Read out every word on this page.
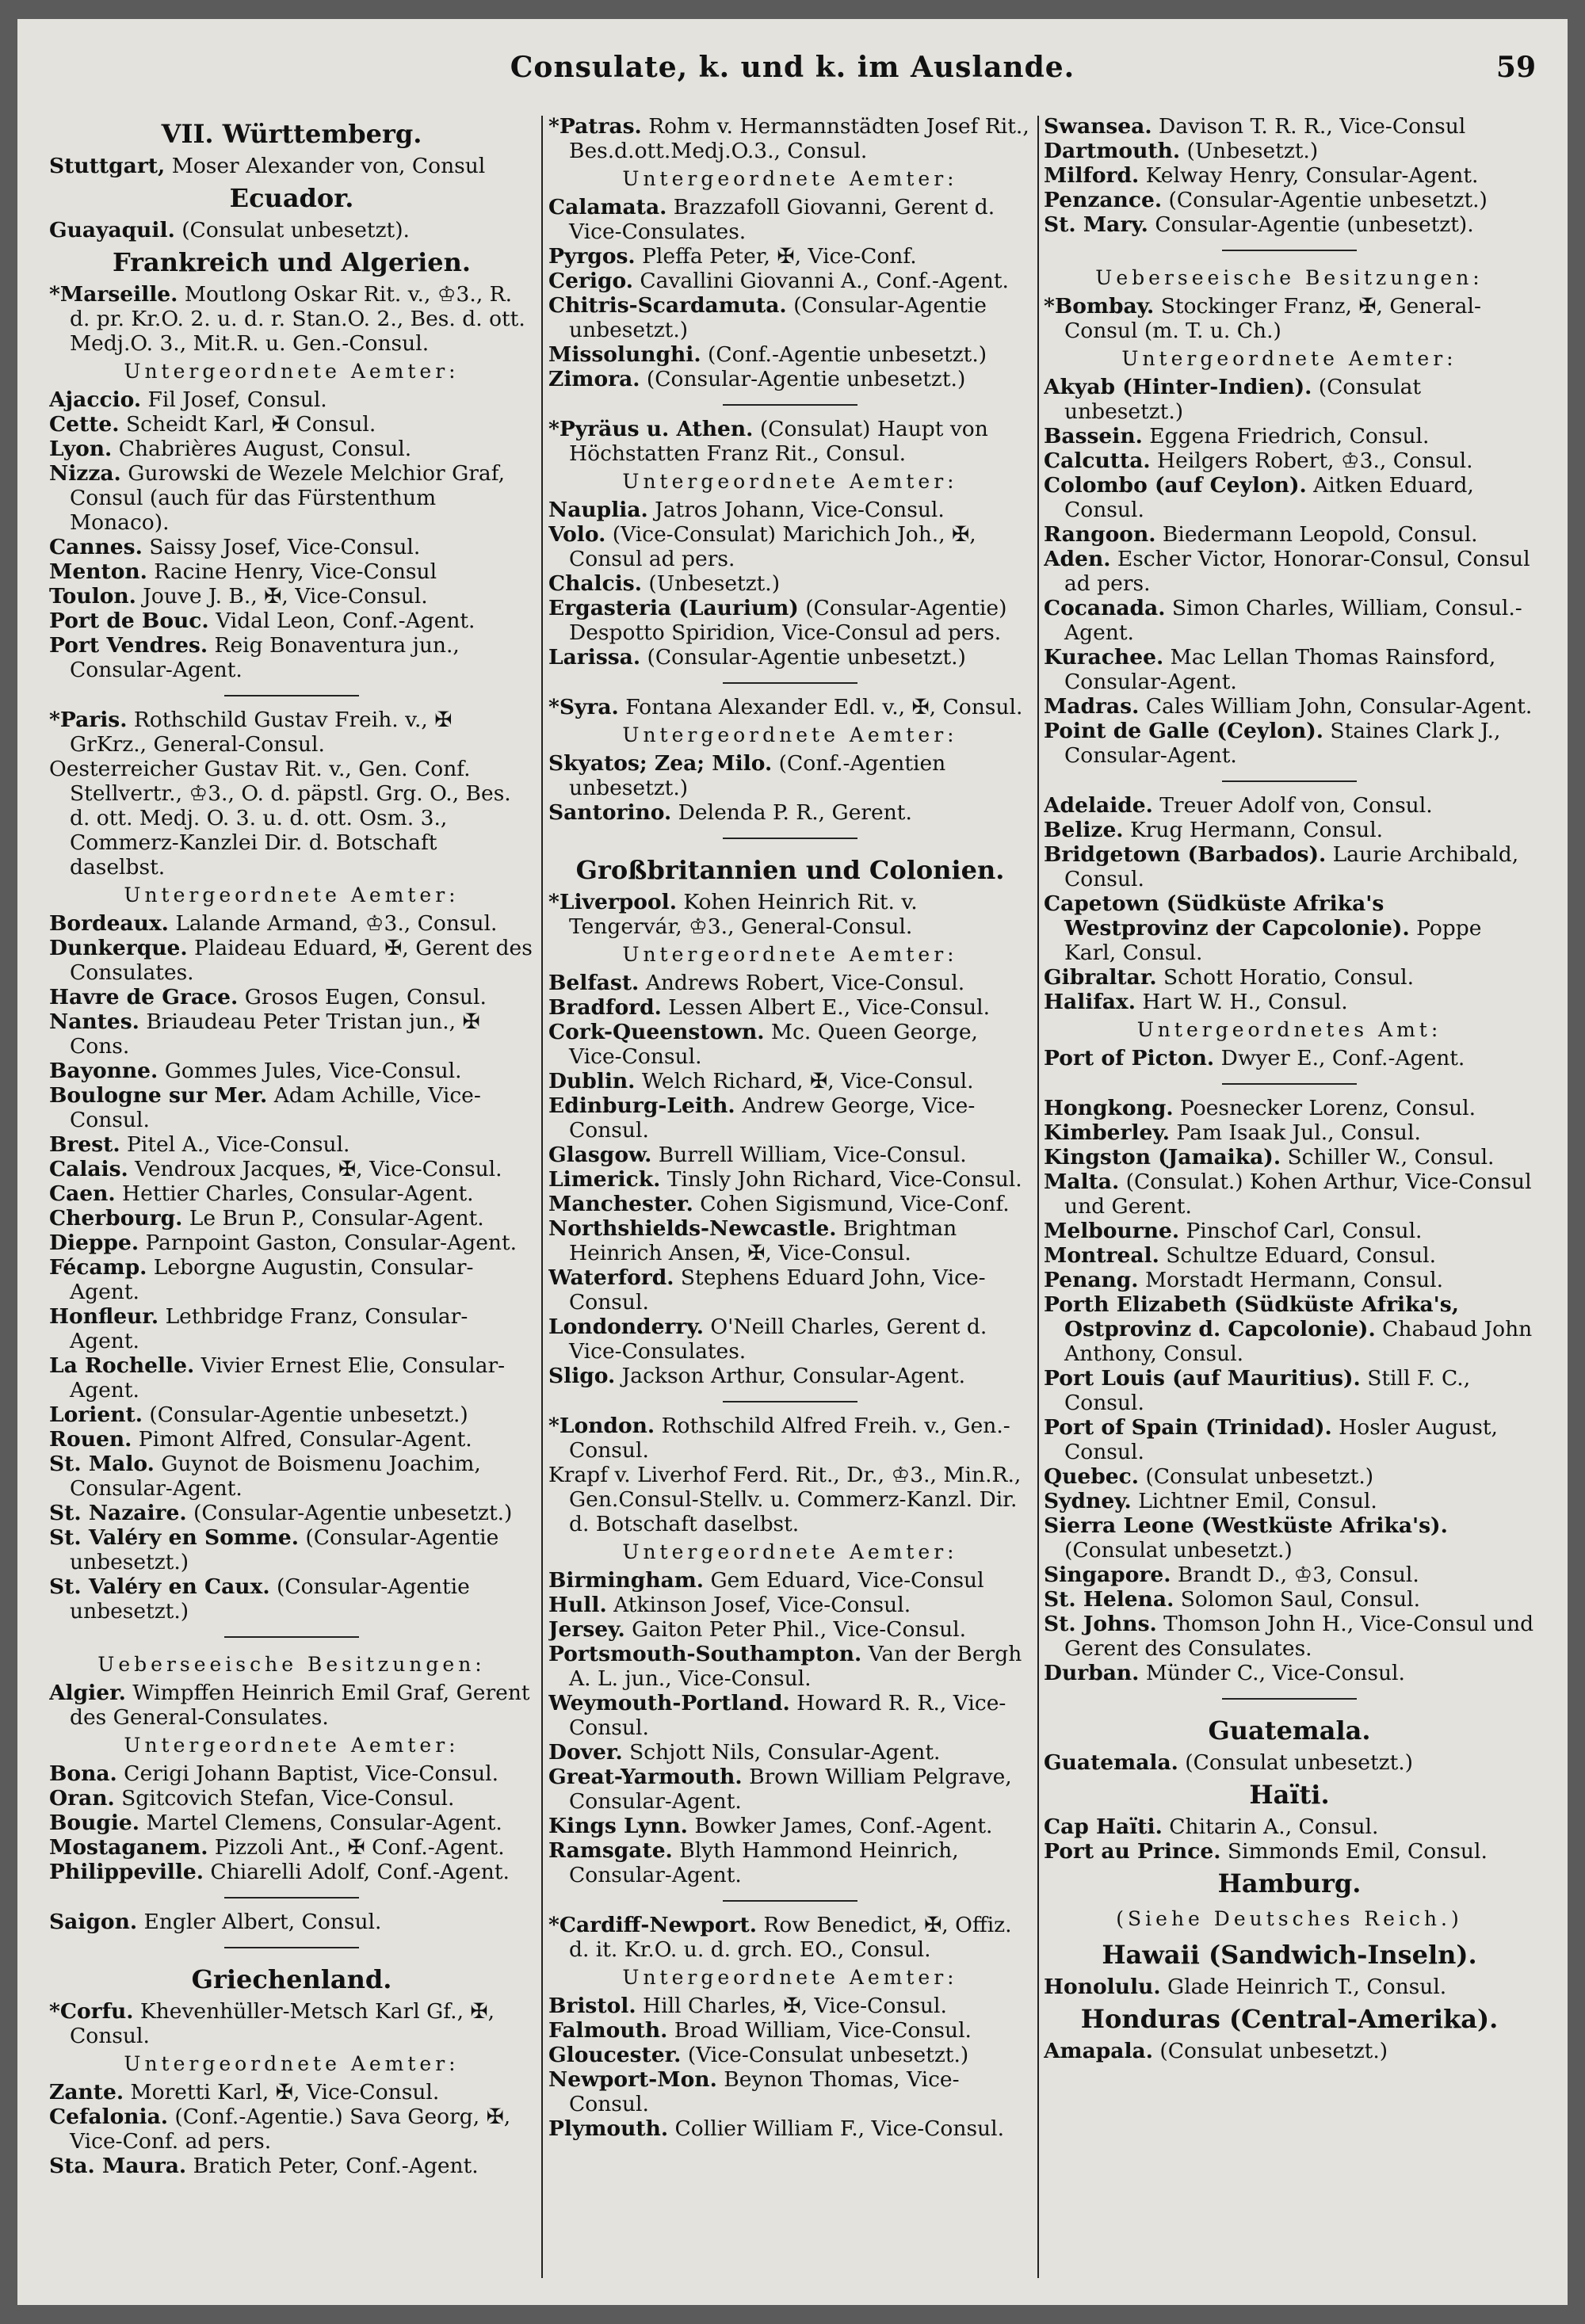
Consulate, k. und k. im Auslande.	59
VII. Württemberg.

Stuttgart, Moser Alexander von, Consul

Ecuador.

Guayaquil. (Consulat unbesetzt).

Frankreich und Algerien.

*Marseille. Moutlong Oskar Rit. v., ♔3., R. d. pr. Kr.O. 2. u. d. r. Stan.O. 2., Bes. d. ott. Medj.O. 3., Mit.R. u. Gen.-Consul.

Untergeordnete Aemter:

Ajaccio. Fil Josef, Consul.

Cette. Scheidt Karl, ✠ Consul.

Lyon. Chabrières August, Consul.

Nizza. Gurowski de Wezele Melchior Graf, Consul (auch für das Fürstenthum Monaco).

Cannes. Saissy Josef, Vice-Consul.

Menton. Racine Henry, Vice-Consul

Toulon. Jouve J. B., ✠, Vice-Consul.

Port de Bouc. Vidal Leon, Conf.-Agent.

Port Vendres. Reig Bonaventura jun., Consular-Agent.

*Paris. Rothschild Gustav Freih. v., ✠ GrKrz., General-Consul.

Oesterreicher Gustav Rit. v., Gen. Conf. Stellvertr., ♔3., O. d. päpstl. Grg. O., Bes. d. ott. Medj. O. 3. u. d. ott. Osm. 3., Commerz-Kanzlei Dir. d. Botschaft daselbst.

Untergeordnete Aemter:

Bordeaux. Lalande Armand, ♔3., Consul.

Dunkerque. Plaideau Eduard, ✠, Gerent des Consulates.

Havre de Grace. Grosos Eugen, Consul.

Nantes. Briaudeau Peter Tristan jun., ✠ Cons.

Bayonne. Gommes Jules, Vice-Consul.

Boulogne sur Mer. Adam Achille, Vice-Consul.

Brest. Pitel A., Vice-Consul.

Calais. Vendroux Jacques, ✠, Vice-Consul.

Caen. Hettier Charles, Consular-Agent.

Cherbourg. Le Brun P., Consular-Agent.

Dieppe. Parnpoint Gaston, Consular-Agent.

Fécamp. Leborgne Augustin, Consular-Agent.

Honfleur. Lethbridge Franz, Consular-Agent.

La Rochelle. Vivier Ernest Elie, Consular-Agent.

Lorient. (Consular-Agentie unbesetzt.)

Rouen. Pimont Alfred, Consular-Agent.

St. Malo. Guynot de Boismenu Joachim, Consular-Agent.

St. Nazaire. (Consular-Agentie unbesetzt.)

St. Valéry en Somme. (Consular-Agentie unbesetzt.)

St. Valéry en Caux. (Consular-Agentie unbesetzt.)

Ueberseeische Besitzungen:

Algier. Wimpffen Heinrich Emil Graf, Gerent des General-Consulates.

Untergeordnete Aemter:

Bona. Cerigi Johann Baptist, Vice-Consul.

Oran. Sgitcovich Stefan, Vice-Consul.

Bougie. Martel Clemens, Consular-Agent.

Mostaganem. Pizzoli Ant., ✠ Conf.-Agent.

Philippeville. Chiarelli Adolf, Conf.-Agent.

Saigon. Engler Albert, Consul.

Griechenland.

*Corfu. Khevenhüller-Metsch Karl Gf., ✠, Consul.

Untergeordnete Aemter:

Zante. Moretti Karl, ✠, Vice-Consul.

Cefalonia. (Conf.-Agentie.) Sava Georg, ✠, Vice-Conf. ad pers.

Sta. Maura. Bratich Peter, Conf.-Agent.

*Patras. Rohm v. Hermannstädten Josef Rit., Bes.d.ott.Medj.O.3., Consul.

Untergeordnete Aemter:

Calamata. Brazzafoll Giovanni, Gerent d. Vice-Consulates.

Pyrgos. Pleffa Peter, ✠, Vice-Conf.

Cerigo. Cavallini Giovanni A., Conf.-Agent.

Chitris-Scardamuta. (Consular-Agentie unbesetzt.)

Missolunghi. (Conf.-Agentie unbesetzt.)

Zimora. (Consular-Agentie unbesetzt.)

*Pyräus u. Athen. (Consulat) Haupt von Höchstatten Franz Rit., Consul.

Untergeordnete Aemter:

Nauplia. Jatros Johann, Vice-Consul.

Volo. (Vice-Consulat) Marichich Joh., ✠, Consul ad pers.

Chalcis. (Unbesetzt.)

Ergasteria (Laurium) (Consular-Agentie) Despotto Spiridion, Vice-Consul ad pers.

Larissa. (Consular-Agentie unbesetzt.)

*Syra. Fontana Alexander Edl. v., ✠, Consul.

Untergeordnete Aemter:

Skyatos; Zea; Milo. (Conf.-Agentien unbesetzt.)

Santorino. Delenda P. R., Gerent.

Großbritannien und Colonien.

*Liverpool. Kohen Heinrich Rit. v. Tengervár, ♔3., General-Consul.

Untergeordnete Aemter:

Belfast. Andrews Robert, Vice-Consul.

Bradford. Lessen Albert E., Vice-Consul.

Cork-Queenstown. Mc. Queen George, Vice-Consul.

Dublin. Welch Richard, ✠, Vice-Consul.

Edinburg-Leith. Andrew George, Vice-Consul.

Glasgow. Burrell William, Vice-Consul.

Limerick. Tinsly John Richard, Vice-Consul.

Manchester. Cohen Sigismund, Vice-Conf.

Northshields-Newcastle. Brightman Heinrich Ansen, ✠, Vice-Consul.

Waterford. Stephens Eduard John, Vice-Consul.

Londonderry. O'Neill Charles, Gerent d. Vice-Consulates.

Sligo. Jackson Arthur, Consular-Agent.

*London. Rothschild Alfred Freih. v., Gen.-Consul.

Krapf v. Liverhof Ferd. Rit., Dr., ♔3., Min.R., Gen.Consul-Stellv. u. Commerz-Kanzl. Dir. d. Botschaft daselbst.

Untergeordnete Aemter:

Birmingham. Gem Eduard, Vice-Consul

Hull. Atkinson Josef, Vice-Consul.

Jersey. Gaiton Peter Phil., Vice-Consul.

Portsmouth-Southampton. Van der Bergh A. L. jun., Vice-Consul.

Weymouth-Portland. Howard R. R., Vice-Consul.

Dover. Schjott Nils, Consular-Agent.

Great-Yarmouth. Brown William Pelgrave, Consular-Agent.

Kings Lynn. Bowker James, Conf.-Agent.

Ramsgate. Blyth Hammond Heinrich, Consular-Agent.

*Cardiff-Newport. Row Benedict, ✠, Offiz. d. it. Kr.O. u. d. grch. EO., Consul.

Untergeordnete Aemter:

Bristol. Hill Charles, ✠, Vice-Consul.

Falmouth. Broad William, Vice-Consul.

Gloucester. (Vice-Consulat unbesetzt.)

Newport-Mon. Beynon Thomas, Vice-Consul.

Plymouth. Collier William F., Vice-Consul.

Swansea. Davison T. R. R., Vice-Consul

Dartmouth. (Unbesetzt.)

Milford. Kelway Henry, Consular-Agent.

Penzance. (Consular-Agentie unbesetzt.)

St. Mary. Consular-Agentie (unbesetzt).

Ueberseeische Besitzungen:

*Bombay. Stockinger Franz, ✠, General-Consul (m. T. u. Ch.)

Untergeordnete Aemter:

Akyab (Hinter-Indien). (Consulat unbesetzt.)

Bassein. Eggena Friedrich, Consul.

Calcutta. Heilgers Robert, ♔3., Consul.

Colombo (auf Ceylon). Aitken Eduard, Consul.

Rangoon. Biedermann Leopold, Consul.

Aden. Escher Victor, Honorar-Consul, Consul ad pers.

Cocanada. Simon Charles, William, Consul.-Agent.

Kurachee. Mac Lellan Thomas Rainsford, Consular-Agent.

Madras. Cales William John, Consular-Agent.

Point de Galle (Ceylon). Staines Clark J., Consular-Agent.

Adelaide. Treuer Adolf von, Consul.

Belize. Krug Hermann, Consul.

Bridgetown (Barbados). Laurie Archibald, Consul.

Capetown (Südküste Afrika's Westprovinz der Capcolonie). Poppe Karl, Consul.

Gibraltar. Schott Horatio, Consul.

Halifax. Hart W. H., Consul.

Untergeordnetes Amt:

Port of Picton. Dwyer E., Conf.-Agent.

Hongkong. Poesnecker Lorenz, Consul.

Kimberley. Pam Isaak Jul., Consul.

Kingston (Jamaika). Schiller W., Consul.

Malta. (Consulat.) Kohen Arthur, Vice-Consul und Gerent.

Melbourne. Pinschof Carl, Consul.

Montreal. Schultze Eduard, Consul.

Penang. Morstadt Hermann, Consul.

Porth Elizabeth (Südküste Afrika's, Ostprovinz d. Capcolonie). Chabaud John Anthony, Consul.

Port Louis (auf Mauritius). Still F. C., Consul.

Port of Spain (Trinidad). Hosler August, Consul.

Quebec. (Consulat unbesetzt.)

Sydney. Lichtner Emil, Consul.

Sierra Leone (Westküste Afrika's). (Consulat unbesetzt.)

Singapore. Brandt D., ♔3, Consul.

St. Helena. Solomon Saul, Consul.

St. Johns. Thomson John H., Vice-Consul und Gerent des Consulates.

Durban. Münder C., Vice-Consul.

Guatemala.

Guatemala. (Consulat unbesetzt.)

Haïti.

Cap Haïti. Chitarin A., Consul.

Port au Prince. Simmonds Emil, Consul.

Hamburg.
(Siehe Deutsches Reich.)
Hawaii (Sandwich-Inseln).

Honolulu. Glade Heinrich T., Consul.

Honduras (Central-Amerika).

Amapala. (Consulat unbesetzt.)
